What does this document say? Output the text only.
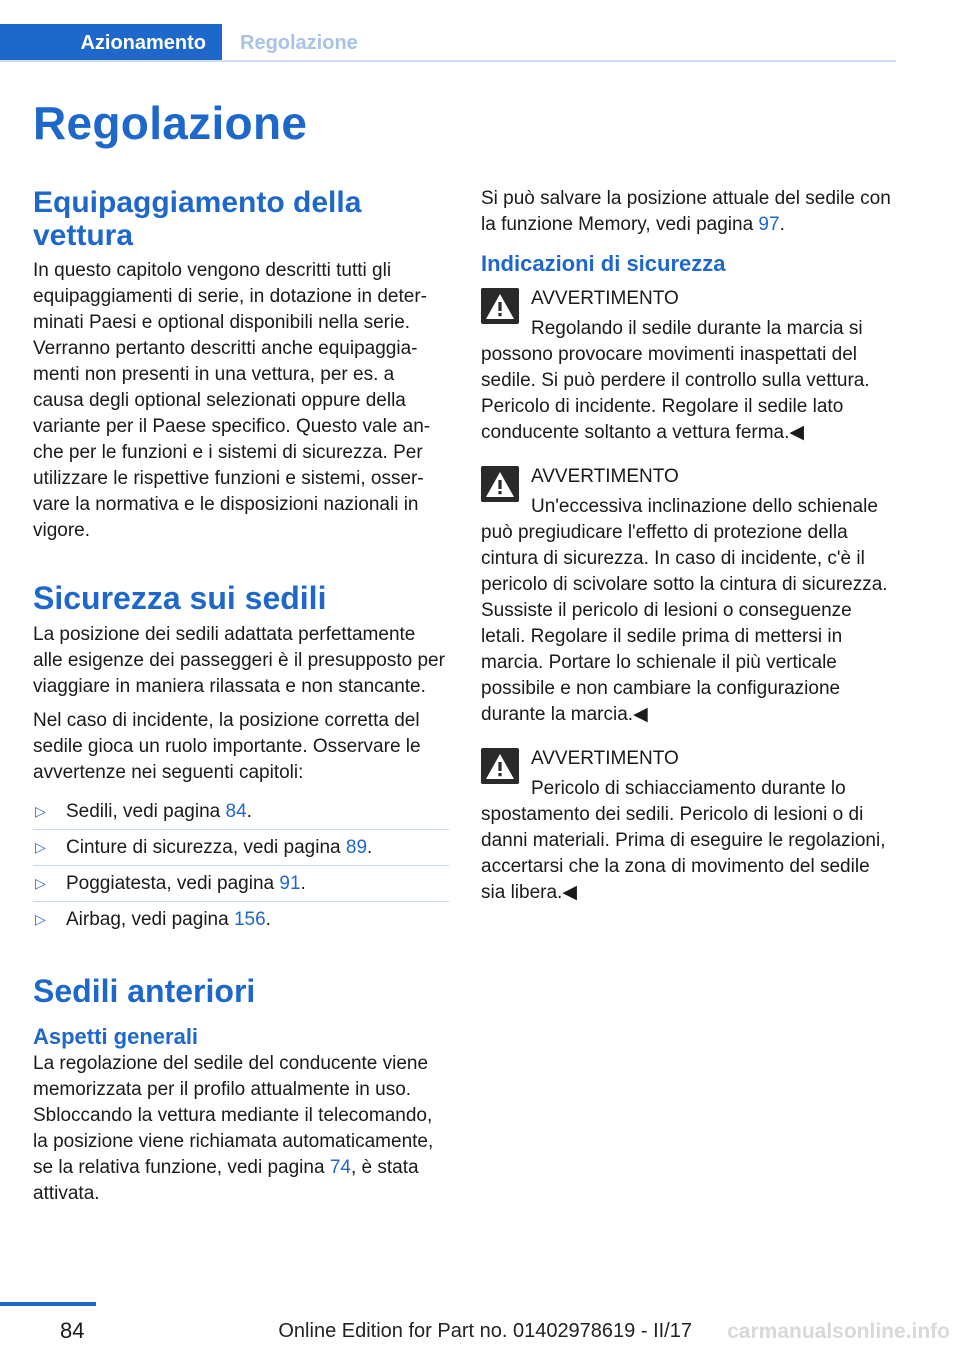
Azionamento	Regolazione
Regolazione
Equipaggiamento della vettura

In questo capitolo vengono descritti tutti gli equipaggiamenti di serie, in dotazione in determinati Paesi e optional disponibili nella serie. Verranno pertanto descritti anche equipaggiamenti non presenti in una vettura, per es. a causa degli optional selezionati oppure della variante per il Paese specifico. Questo vale anche per le funzioni e i sistemi di sicurezza. Per utilizzare le rispettive funzioni e sistemi, osservare la normativa e le disposizioni nazionali in vigore.

Sicurezza sui sedili

La posizione dei sedili adattata perfettamente alle esigenze dei passeggeri è il presupposto per viaggiare in maniera rilassata e non stancante.

Nel caso di incidente, la posizione corretta del sedile gioca un ruolo importante. Osservare le avvertenze nei seguenti capitoli:

▷ Sedili, vedi pagina 84.
▷ Cinture di sicurezza, vedi pagina 89.
▷ Poggiatesta, vedi pagina 91.
▷ Airbag, vedi pagina 156.
Sedili anteriori
Aspetti generali

La regolazione del sedile del conducente viene memorizzata per il profilo attualmente in uso. Sbloccando la vettura mediante il telecomando, la posizione viene richiamata automaticamente, se la relativa funzione, vedi pagina 74, è stata attivata.

Si può salvare la posizione attuale del sedile con la funzione Memory, vedi pagina 97.

Indicazioni di sicurezza
AVVERTIMENTO
Regolando il sedile durante la marcia si
possono provocare movimenti inaspettati del sedile. Si può perdere il controllo sulla vettura. Pericolo di incidente. Regolare il sedile lato conducente soltanto a vettura ferma.◀
AVVERTIMENTO
Un'eccessiva inclinazione dello schienale
può pregiudicare l'effetto di protezione della cintura di sicurezza. In caso di incidente, c'è il pericolo di scivolare sotto la cintura di sicurezza. Sussiste il pericolo di lesioni o conseguenze letali. Regolare il sedile prima di mettersi in marcia. Portare lo schienale il più verticale possibile e non cambiare la configurazione durante la marcia.◀
AVVERTIMENTO
Pericolo di schiacciamento durante lo
spostamento dei sedili. Pericolo di lesioni o di danni materiali. Prima di eseguire le regolazioni, accertarsi che la zona di movimento del sedile sia libera.◀
84	Online Edition for Part no. 01402978619 - II/17 carmanualsonline.info
